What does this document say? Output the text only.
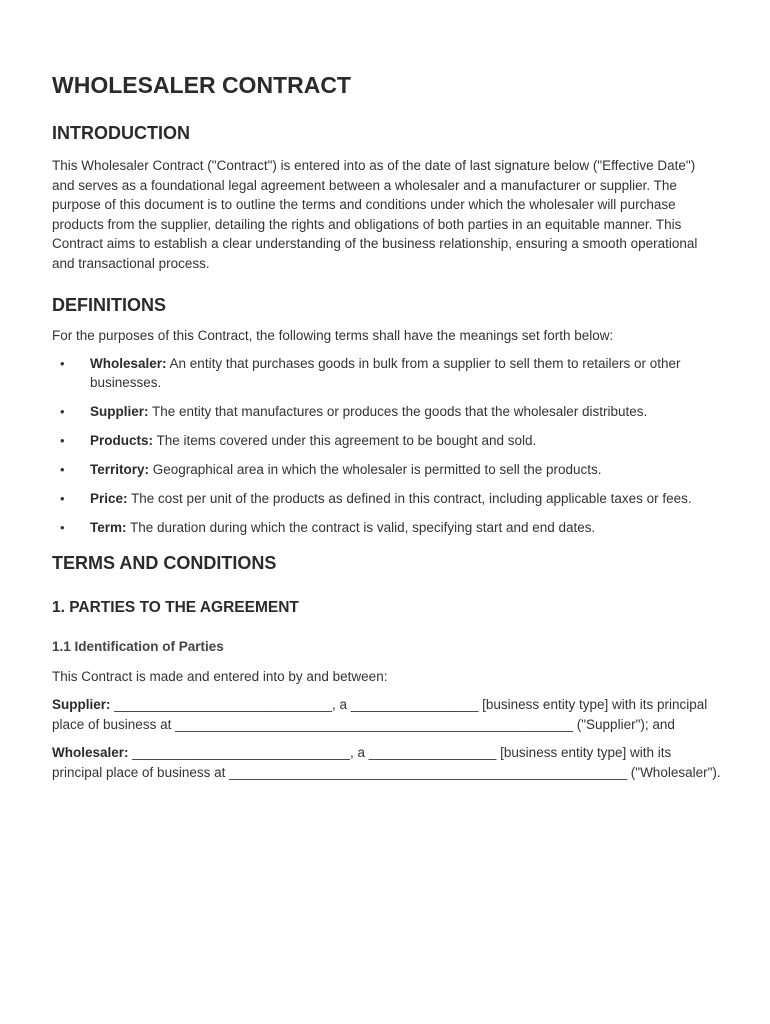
WHOLESALER CONTRACT
INTRODUCTION

This Wholesaler Contract ("Contract") is entered into as of the date of last signature below ("Effective Date") and serves as a foundational legal agreement between a wholesaler and a manufacturer or supplier. The purpose of this document is to outline the terms and conditions under which the wholesaler will purchase products from the supplier, detailing the rights and obligations of both parties in an equitable manner. This Contract aims to establish a clear understanding of the business relationship, ensuring a smooth operational and transactional process.

DEFINITIONS

For the purposes of this Contract, the following terms shall have the meanings set forth below:

• Wholesaler: An entity that purchases goods in bulk from a supplier to sell them to retailers or other businesses.
• Supplier: The entity that manufactures or produces the goods that the wholesaler distributes.
• Products: The items covered under this agreement to be bought and sold.
• Territory: Geographical area in which the wholesaler is permitted to sell the products.
• Price: The cost per unit of the products as defined in this contract, including applicable taxes or fees.
• Term: The duration during which the contract is valid, specifying start and end dates.
TERMS AND CONDITIONS
1. PARTIES TO THE AGREEMENT
1.1 Identification of Parties

This Contract is made and entered into by and between:

Supplier: _____________________________, a _________________ [business entity type] with its principal place of business at _____________________________________________________ ("Supplier"); and

Wholesaler: _____________________________, a _________________ [business entity type] with its principal place of business at _____________________________________________________ ("Wholesaler").
